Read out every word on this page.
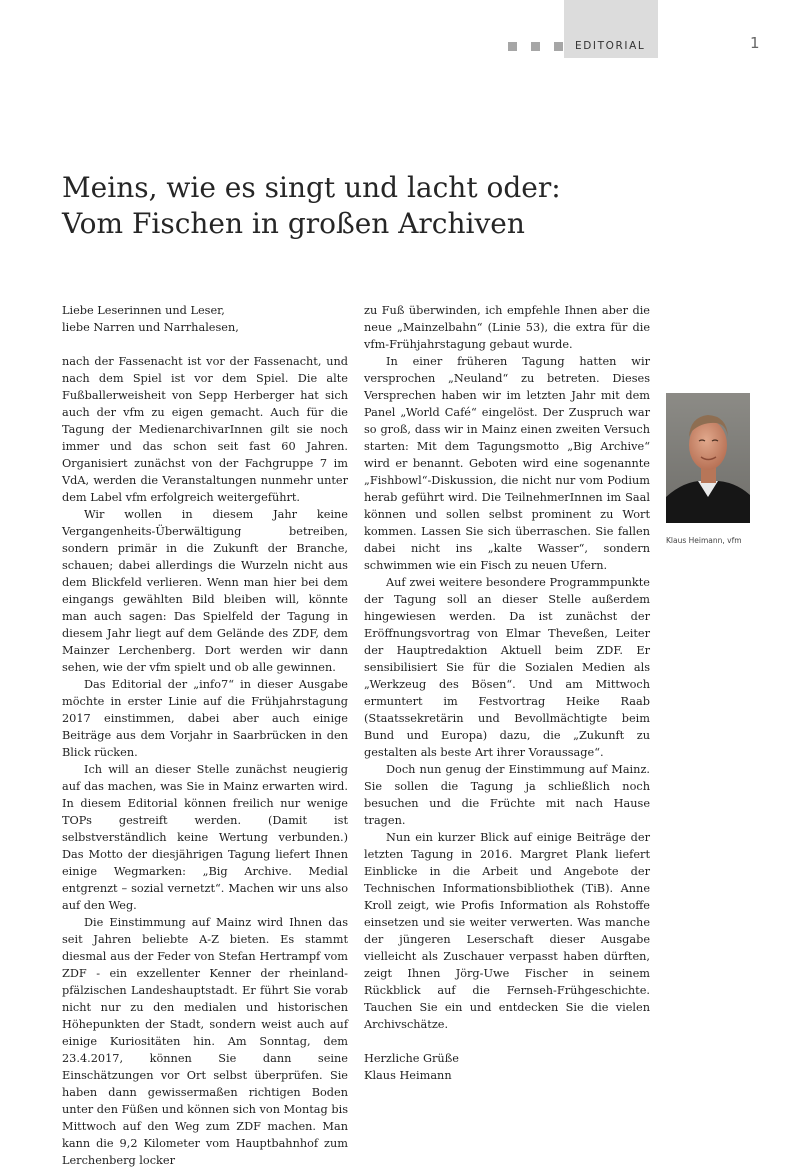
EDITORIAL	1
Meins, wie es singt und lacht oder:
Vom Fischen in großen Archiven

Liebe Leserinnen und Leser,

liebe Narren und Narrhalesen,

nach der Fassenacht ist vor der Fassenacht, und nach dem Spiel ist vor dem Spiel. Die alte Fußballerweisheit von Sepp Herberger hat sich auch der vfm zu eigen gemacht. Auch für die Tagung der MedienarchivarInnen gilt sie noch immer und das schon seit fast 60 Jahren. Organisiert zunächst von der Fachgruppe 7 im VdA, werden die Veranstaltungen nunmehr unter dem Label vfm erfolgreich weitergeführt.

Wir wollen in diesem Jahr keine Vergangenheits-Überwältigung betreiben, sondern primär in die Zukunft der Branche, schauen; dabei allerdings die Wurzeln nicht aus dem Blickfeld verlieren. Wenn man hier bei dem eingangs gewählten Bild bleiben will, könnte man auch sagen: Das Spielfeld der Tagung in diesem Jahr liegt auf dem Gelände des ZDF, dem Mainzer Lerchenberg. Dort werden wir dann sehen, wie der vfm spielt und ob alle gewinnen.

Das Editorial der „info7“ in dieser Ausgabe möchte in erster Linie auf die Frühjahrstagung 2017 einstimmen, dabei aber auch einige Beiträge aus dem Vorjahr in Saarbrücken in den Blick rücken.

Ich will an dieser Stelle zunächst neugierig auf das machen, was Sie in Mainz erwarten wird. In diesem Editorial können freilich nur wenige TOPs gestreift werden. (Damit ist selbstverständlich keine Wertung verbunden.) Das Motto der diesjährigen Tagung liefert Ihnen einige Wegmarken: „Big Archive. Medial entgrenzt – sozial vernetzt“. Machen wir uns also auf den Weg.

Die Einstimmung auf Mainz wird Ihnen das seit Jahren beliebte A-Z bieten. Es stammt diesmal aus der Feder von Stefan Hertrampf vom ZDF - ein exzellenter Kenner der rheinland-pfälzischen Landeshauptstadt. Er führt Sie vorab nicht nur zu den medialen und historischen Höhepunkten der Stadt, sondern weist auch auf einige Kuriositäten hin. Am Sonntag, dem 23.4.2017, können Sie dann seine Einschätzungen vor Ort selbst überprüfen. Sie haben dann gewissermaßen richtigen Boden unter den Füßen und können sich von Montag bis Mittwoch auf den Weg zum ZDF machen. Man kann die 9,2 Kilometer vom Hauptbahnhof zum Lerchenberg locker

zu Fuß überwinden, ich empfehle Ihnen aber die neue „Mainzelbahn“ (Linie 53), die extra für die vfm-Frühjahrstagung gebaut wurde.

In einer früheren Tagung hatten wir versprochen „Neuland“ zu betreten. Dieses Versprechen haben wir im letzten Jahr mit dem Panel „World Café“ eingelöst. Der Zuspruch war so groß, dass wir in Mainz einen zweiten Versuch starten: Mit dem Tagungsmotto „Big Archive“ wird er benannt. Geboten wird eine sogenannte „Fishbowl“-Diskussion, die nicht nur vom Podium herab geführt wird. Die TeilnehmerInnen im Saal können und sollen selbst prominent zu Wort kommen. Lassen Sie sich überraschen. Sie fallen dabei nicht ins „kalte Wasser“, sondern schwimmen wie ein Fisch zu neuen Ufern.

Auf zwei weitere besondere Programmpunkte der Tagung soll an dieser Stelle außerdem hingewiesen werden. Da ist zunächst der Eröffnungsvortrag von Elmar Theveßen, Leiter der Hauptredaktion Aktuell beim ZDF. Er sensibilisiert Sie für die Sozialen Medien als „Werkzeug des Bösen“. Und am Mittwoch ermuntert im Festvortrag Heike Raab (Staatssekretärin und Bevollmächtigte beim Bund und Europa) dazu, die „Zukunft zu gestalten als beste Art ihrer Voraussage“.

Doch nun genug der Einstimmung auf Mainz. Sie sollen die Tagung ja schließlich noch besuchen und die Früchte mit nach Hause tragen.

Nun ein kurzer Blick auf einige Beiträge der letzten Tagung in 2016. Margret Plank liefert Einblicke in die Arbeit und Angebote der Technischen Informationsbibliothek (TiB). Anne Kroll zeigt, wie Profis Information als Rohstoffe einsetzen und sie weiter verwerten. Was manche der jüngeren Leserschaft dieser Ausgabe vielleicht als Zuschauer verpasst haben dürften, zeigt Ihnen Jörg-Uwe Fischer in seinem Rückblick auf die Fernseh-Frühgeschichte. Tauchen Sie ein und entdecken Sie die vielen Archivschätze.

Herzliche Grüße

Klaus Heimann

Klaus Heimann, vfm
